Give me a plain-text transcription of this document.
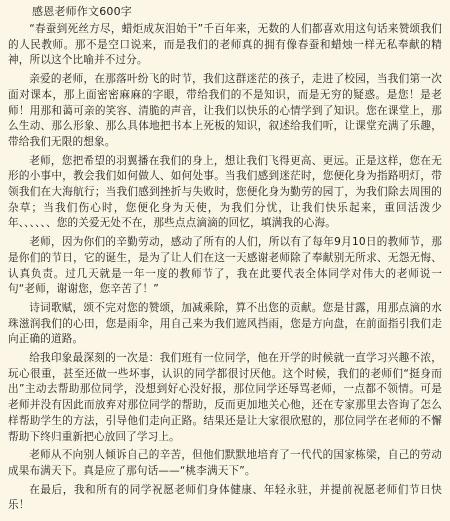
感恩老师作文600字

“春蚕到死丝方尽，蜡炬成灰泪始干”千百年来，无数的人们都喜欢用这句话来赞颂我们的人民教师。那不是空口说来，而是我们的老师真的拥有像春蚕和蜡烛一样无私奉献的精神，所以这个比喻并不过分。

亲爱的老师，在那落叶纷飞的时节，我们这群迷茫的孩子，走进了校园，当我们第一次面对课本，那上面密密麻麻的字眼，带给我们的不是知识，而是无穷的疑惑。是您！是老师！用那和蔼可亲的笑容、清脆的声音，让我们以快乐的心情学到了知识。您在课堂上，那么生动、那么形象、那么具体地把书本上死板的知识，叙述给我们听，让课堂充满了乐趣，带给我们无限的想象。

老师，您把希望的羽翼播在我们的身上，想让我们飞得更高、更远。正是这样，您在无形的小事中，教会我们如何做人、如何处事。当我们感到迷茫时，您便化身为指路明灯，带领我们在大海航行；当我们感到挫折与失败时，您便化身为勤劳的园丁，为我们除去周围的杂草；当我们伤心时，您便化身为天使，为我们分忧，让我们快乐起来，重回活泼少年、、、、、、您的关爱无处不在，那些点点滴滴的回忆，填满我的心海。

老师，因为你们的辛勤劳动，感动了所有的人们，所以有了每年9月10日的教师节，那是你们的节日，它的诞生，是为了让人们在这一天感谢老师除了奉献别无所求、无怨无悔、认真负责。过几天就是一年一度的教师节了，我在此要代表全体同学对伟大的老师说一句“老师，谢谢您，您辛苦了！”

诗词歌赋，颂不完对您的赞颂，加减乘除，算不出您的贡献。您是甘露，用那点滴的水珠滋润我们的心田，您是雨伞，用自己来为我们遮风挡雨，您是方向盘，在前面指引我们走向正确的道路。

给我印象最深刻的一次是：我们班有一位同学，他在开学的时候就一直学习兴趣不浓，玩心很重，甚至还做一些坏事，认识的同学都很讨厌他。这个时候，我们的老师们“挺身而出”主动去帮助那位同学，没想到好心没好报，那位同学还辱骂老师，一点都不领情。可是老师并没有因此而放弃对那位同学的帮助，反而更加地关心他，还在专家那里去咨询了怎么样帮助学生的方法，引导他们走向正路。结果还是让大家很欣慰的，那位同学在老师的不懈帮助下终归重新把心放回了学习上。

老师从不向别人倾诉自己的辛苦，但他们默默地培育了一代代的国家栋梁，自己的劳动成果布满天下。真是应了那句话——“桃李满天下”。

在最后，我和所有的同学祝愿老师们身体健康、年轻永驻，并提前祝愿老师们节日快乐！
